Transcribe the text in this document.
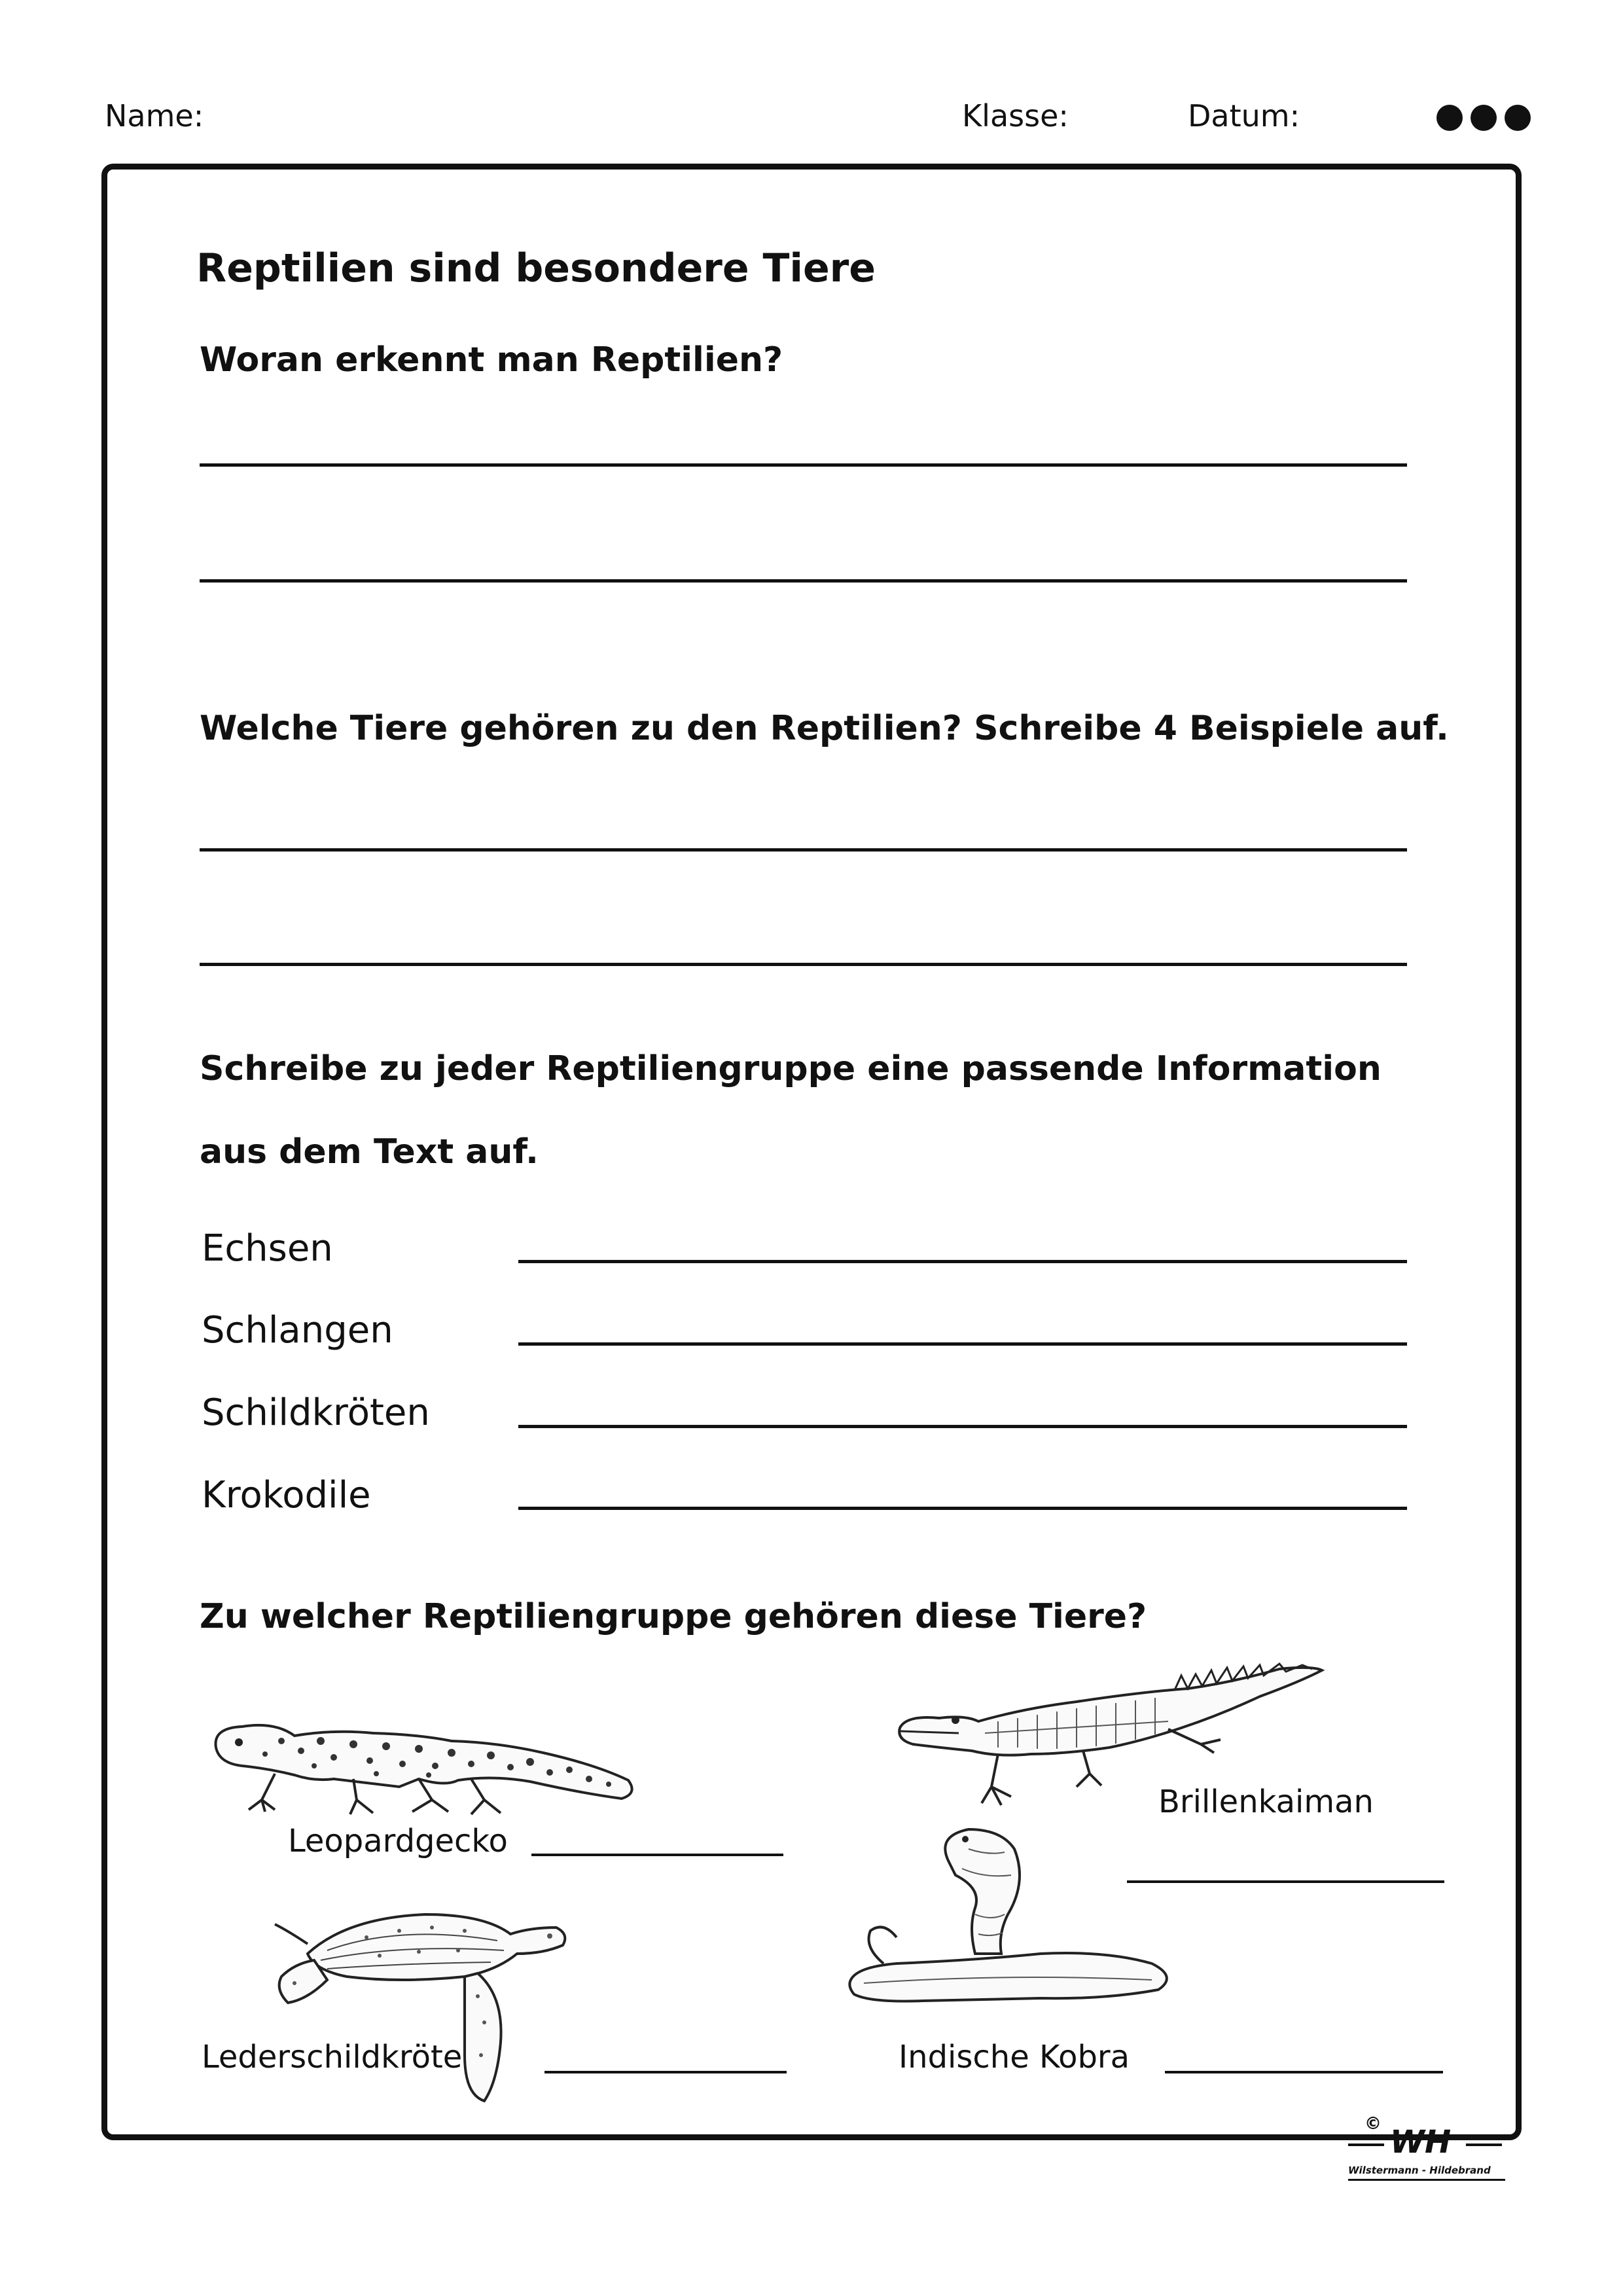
Name:	Klasse:	Datum:
Reptilien sind besondere Tiere
Woran erkennt man Reptilien?
Welche Tiere gehören zu den Reptilien? Schreibe 4 Beispiele auf.
Schreibe zu jeder Reptiliengruppe eine passende Information
aus dem Text auf.
Echsen
Schlangen
Schildkröten
Krokodile
Zu welcher Reptiliengruppe gehören diese Tiere?
Leopardgecko
Brillenkaiman
Lederschildkröte	Indische Kobra
© WH
Wilstermann - Hildebrand
